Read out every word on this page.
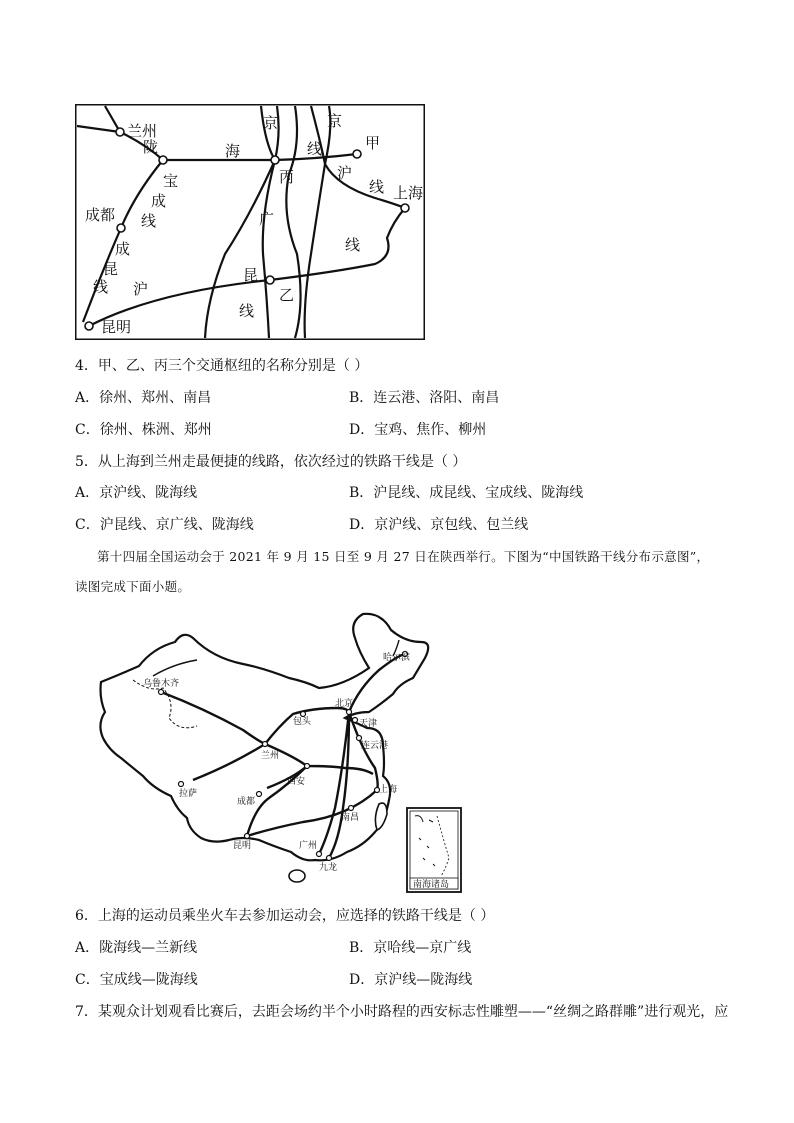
兰州
陇	海
京	京
甲
线
沪
线 上海
宝
成
线
成都
成
丙
广
线
昆
线 沪
昆
乙
线
昆明
4．甲、乙、丙三个交通枢纽的名称分别是（ ）
A．徐州、郑州、南昌	B．连云港、洛阳、南昌
C．徐州、株洲、郑州	D．宝鸡、焦作、柳州
5．从上海到兰州走最便捷的线路，依次经过的铁路干线是（ ）
A．京沪线、陇海线	B．沪昆线、成昆线、宝成线、陇海线
C．沪昆线、京广线、陇海线	D．京沪线、京包线、包兰线
第十四届全国运动会于 2021 年 9 月 15 日至 9 月 27 日在陕西举行。下图为“中国铁路干线分布示意图”，
读图完成下面小题。
哈尔滨
乌鲁木齐
北京
包头	天津
兰州
连云港
拉萨
成都
西安
上海
南昌
昆明	广州
九龙
南海诸岛
6．上海的运动员乘坐火车去参加运动会，应选择的铁路干线是（ ）
A．陇海线—兰新线	B．京哈线—京广线
C．宝成线—陇海线	D．京沪线—陇海线
7．某观众计划观看比赛后，去距会场约半个小时路程的西安标志性雕塑——“丝绸之路群雕”进行观光，应
